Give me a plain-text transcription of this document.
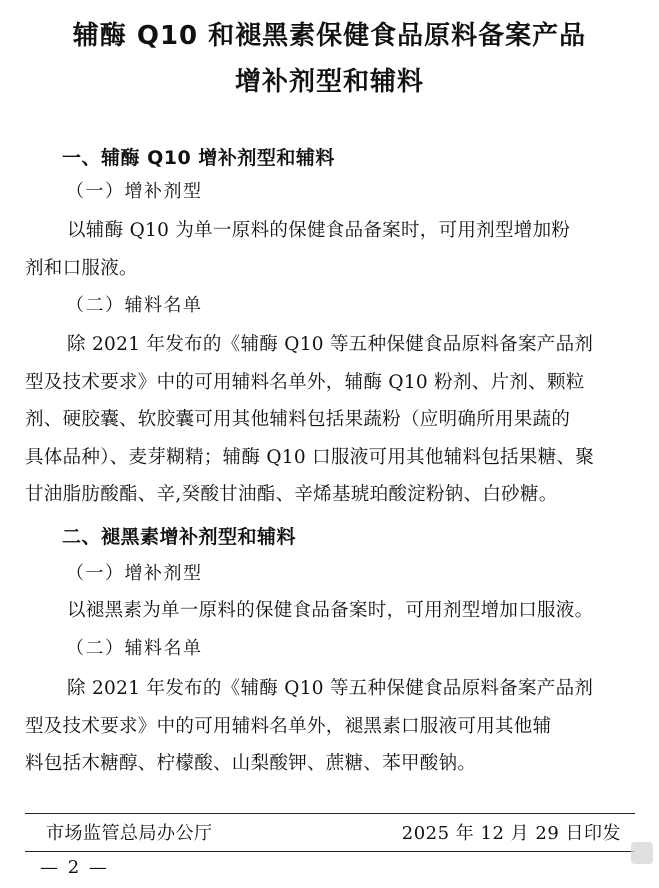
辅酶 Q10 和褪黑素保健食品原料备案产品
增补剂型和辅料
一、辅酶 Q10 增补剂型和辅料
（一）增补剂型
以辅酶 Q10 为单一原料的保健食品备案时，可用剂型增加粉
剂和口服液。
（二）辅料名单
除 2021 年发布的《辅酶 Q10 等五种保健食品原料备案产品剂
型及技术要求》中的可用辅料名单外，辅酶 Q10 粉剂、片剂、颗粒
剂、硬胶囊、软胶囊可用其他辅料包括果蔬粉（应明确所用果蔬的
具体品种）、麦芽糊精；辅酶 Q10 口服液可用其他辅料包括果糖、聚
甘油脂肪酸酯、辛,癸酸甘油酯、辛烯基琥珀酸淀粉钠、白砂糖。
二、褪黑素增补剂型和辅料
（一）增补剂型
以褪黑素为单一原料的保健食品备案时，可用剂型增加口服液。
（二）辅料名单
除 2021 年发布的《辅酶 Q10 等五种保健食品原料备案产品剂
型及技术要求》中的可用辅料名单外，褪黑素口服液可用其他辅
料包括木糖醇、柠檬酸、山梨酸钾、蔗糖、苯甲酸钠。
市场监管总局办公厅	2025 年 12 月 29 日印发
— 2 —
